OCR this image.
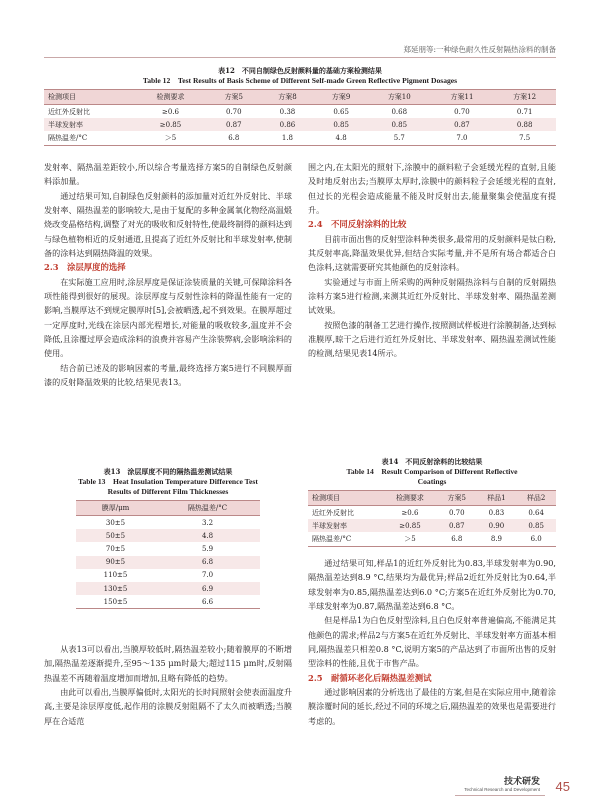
郑延朋等:一种绿色耐久性反射隔热涂料的制备
表12　不同自制绿色反射颜料量的基础方案检测结果
Table 12　Test Results of Basis Scheme of Different Self-made Green Reflective Pigment Dosages
检测项目	检测要求	方案5	方案8	方案9	方案10	方案11	方案12
近红外反射比	≥0.6	0.70	0.38	0.65	0.68	0.70	0.71
半球发射率	≥0.85	0.87	0.86	0.85	0.85	0.87	0.88
隔热温差/°C	＞5	6.8	1.8	4.8	5.7	7.0	7.5

发射率、隔热温差距较小,所以综合考量选择方案5的自制绿色反射颜料添加量。

通过结果可知,自制绿色反射颜料的添加量对近红外反射比、半球发射率、隔热温差的影响较大,是由于复配的多种金属氧化物经高温煅烧改变晶格结构,调整了对光的吸收和反射特性,使最终制得的颜料达到与绿色植物相近的反射通道,且提高了近红外反射比和半球发射率,使制备的涂料达到隔热降温的效果。

2.3　涂层厚度的选择

在实际施工应用时,涂层厚度是保证涂装质量的关键,可保障涂料各项性能得到很好的展现。涂层厚度与反射性涂料的降温性能有一定的影响,当膜厚达不到规定膜厚时[5],会被晒透,起不到效果。在膜厚超过一定厚度时,光线在涂层内部光程增长,对能量的吸收较多,温度并不会降低,且涂覆过厚会造成涂料的浪费并容易产生涂装弊病,会影响涂料的使用。

结合前已述及的影响因素的考量,最终选择方案5进行不同膜厚面漆的反射降温效果的比较,结果见表13。

表13　涂层厚度不同的隔热温差测试结果
Table 13　Heat Insulation Temperature Difference Test
Results of Different Film Thicknesses
膜厚/μm	隔热温差/°C
30±5	3.2
50±5	4.8
70±5	5.9
90±5	6.8
110±5	7.0
130±5	6.9
150±5	6.6

从表13可以看出,当膜厚较低时,隔热温差较小;随着膜厚的不断增加,隔热温差逐渐提升,至95～135 μm时最大;超过115 μm时,反射隔热温差不再随着温度增加而增加,且略有降低的趋势。

由此可以看出,当膜厚偏低时,太阳光的长时间照射会使表面温度升高,主要是涂层厚度低,起作用的涂膜反射阻隔不了太久而被晒透;当膜厚在合适范

围之内,在太阳光的照射下,涂膜中的颜料粒子会延缓光程的直射,且能及时地反射出去;当膜厚太厚时,涂膜中的颜料粒子会延缓光程的直射,但过长的光程会造成能量不能及时反射出去,能量聚集会使温度有提升。

2.4　不同反射涂料的比较

目前市面出售的反射型涂料种类很多,最常用的反射颜料是钛白粉,其反射率高,降温效果优异,但结合实际考量,并不是所有场合都适合白色涂料,这就需要研究其他颜色的反射涂料。

实验通过与市面上所采购的两种反射隔热涂料与自制的反射隔热涂料方案5进行检测,来测其近红外反射比、半球发射率、隔热温差测试效果。

按照色漆的制备工艺进行操作,按照测试样板进行涂膜制备,达到标准膜厚,晾干之后进行近红外反射比、半球发射率、隔热温差测试性能的检测,结果见表14所示。

表14　不同反射涂料的比较结果
Table 14　Result Comparison of Different Reflective
Coatings
检测项目	检测要求	方案5	样品1	样品2
近红外反射比	≥0.6	0.70	0.83	0.64
半球发射率	≥0.85	0.87	0.90	0.85
隔热温差/°C	＞5	6.8	8.9	6.0

通过结果可知,样品1的近红外反射比为0.83,半球发射率为0.90,隔热温差达到8.9 °C,结果均为最优异;样品2近红外反射比为0.64,半球发射率为0.85,隔热温差达到6.0 °C;方案5在近红外反射比为0.70,半球发射率为0.87,隔热温差达到6.8 °C。

但是样品1为白色反射型涂料,且白色反射率普遍偏高,不能满足其他颜色的需求;样品2与方案5在近红外反射比、半球发射率方面基本相同,隔热温差只相差0.8 °C,说明方案5的产品达到了市面所出售的反射型涂料的性能,且优于市售产品。

2.5　耐循环老化后隔热温差测试

通过影响因素的分析选出了最佳的方案,但是在实际应用中,随着涂膜涂覆时间的延长,经过不同的环境之后,隔热温差的效果也是需要进行考虑的。

技术研发
Technical Research and Development 45
